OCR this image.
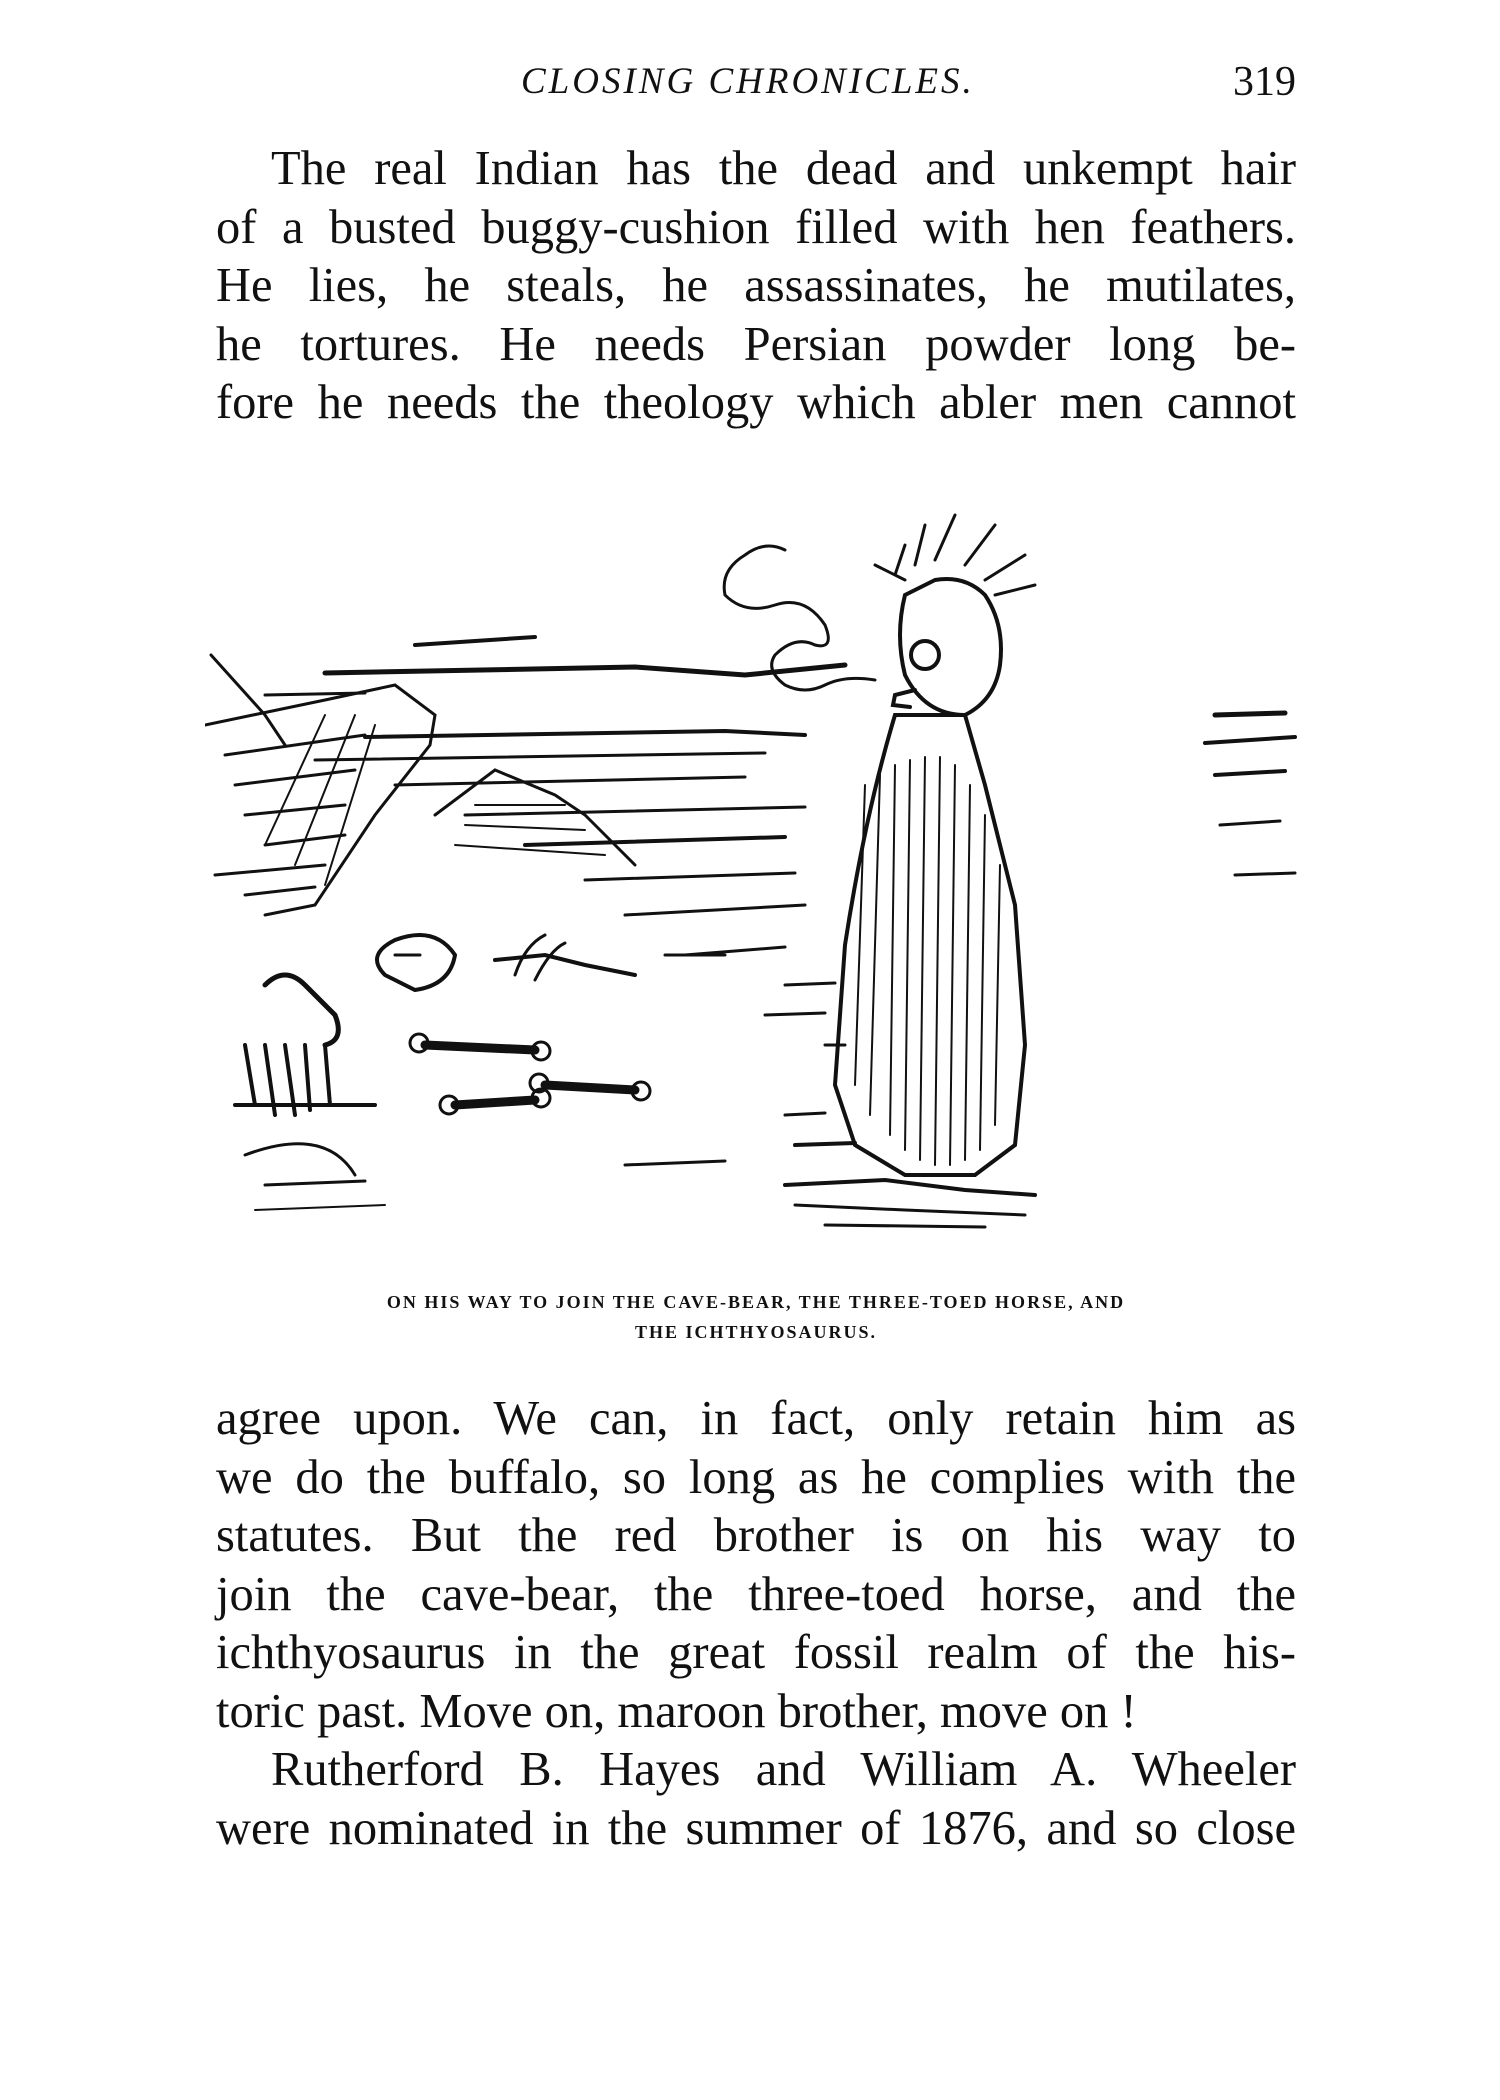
CLOSING CHRONICLES.	319

The real Indian has the dead and unkempt hair

of a busted buggy-cushion filled with hen feathers.

He lies, he steals, he assassinates, he mutilates,

he tortures. He needs Persian powder long be-

fore he needs the theology which abler men cannot

ON HIS WAY TO JOIN THE CAVE-BEAR, THE THREE-TOED HORSE, AND
THE ICHTHYOSAURUS.

agree upon. We can, in fact, only retain him as

we do the buffalo, so long as he complies with the

statutes. But the red brother is on his way to

join the cave-bear, the three-toed horse, and the

ichthyosaurus in the great fossil realm of the his-

toric past. Move on, maroon brother, move on !

Rutherford B. Hayes and William A. Wheeler

were nominated in the summer of 1876, and so close
